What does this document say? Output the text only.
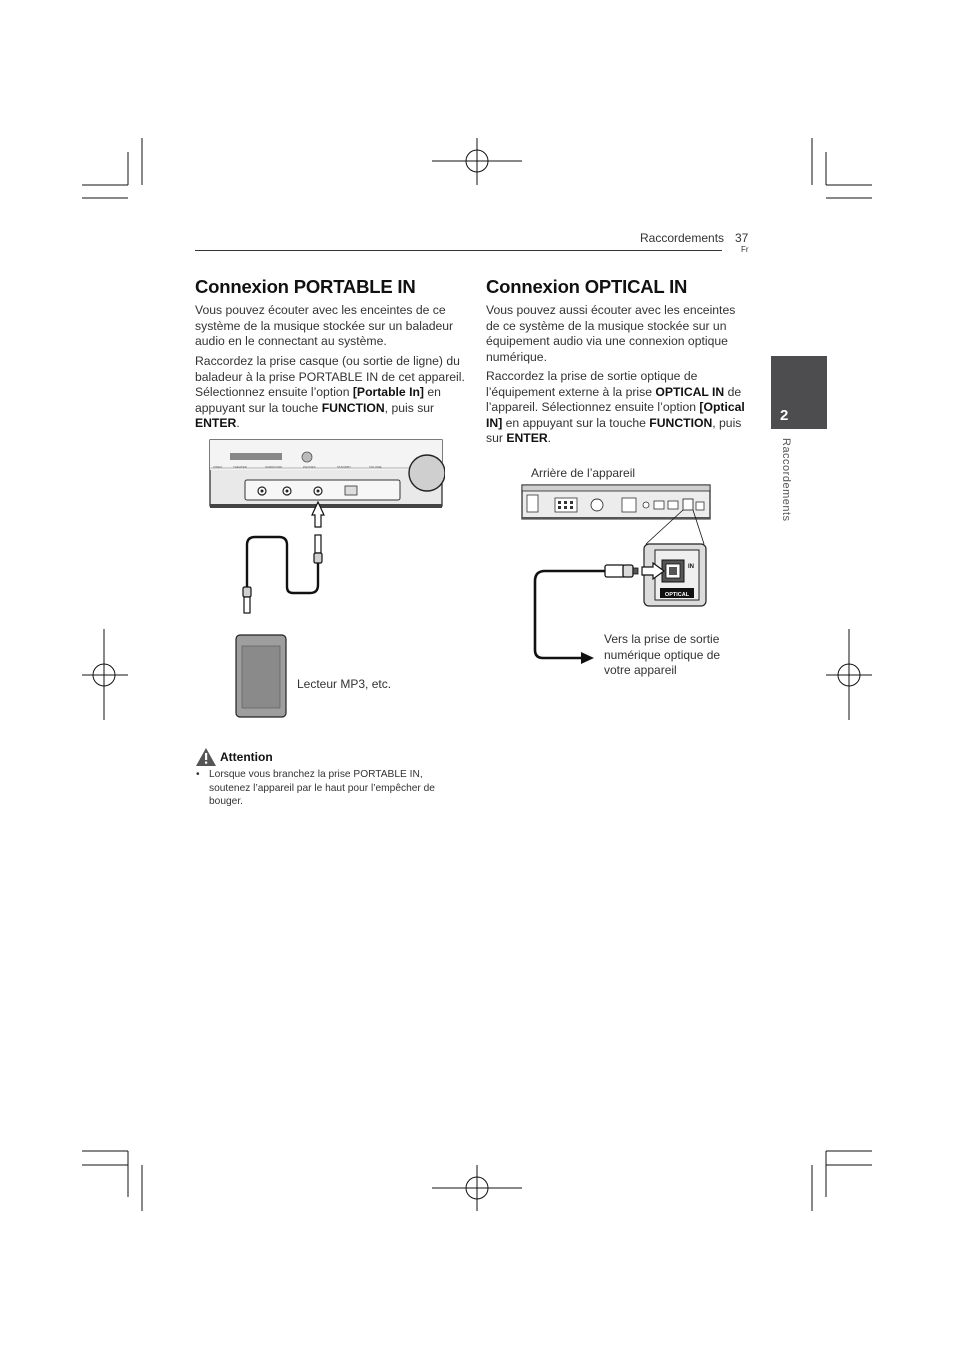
Raccordements 37
Fr
2
Raccordements
Connexion PORTABLE IN

Vous pouvez écouter avec les enceintes de ce système de la musique stockée sur un baladeur audio en le connectant au système.

Raccordez la prise casque (ou sortie de ligne) du baladeur à la prise PORTABLE IN de cet appareil. Sélectionnez ensuite l’option [Portable In] en appuyant sur la touche FUNCTION, puis sur ENTER.

VIDEO	THEATER	SURROUND	PHONES	STANDBY	VOLUME
Lecteur MP3, etc.
Attention
• Lorsque vous branchez la prise PORTABLE IN, soutenez l’appareil par le haut pour l’empêcher de bouger.
Connexion OPTICAL IN

Vous pouvez aussi écouter avec les enceintes de ce système de la musique stockée sur un équipement audio via une connexion optique numérique.

Raccordez la prise de sortie optique de l’équipement externe à la prise OPTICAL IN de l’appareil. Sélectionnez ensuite l’option [Optical IN] en appuyant sur la touche FUNCTION, puis sur ENTER.

Arrière de l’appareil
OPTICAL
IN
Vers la prise de sortie numérique optique de votre appareil
